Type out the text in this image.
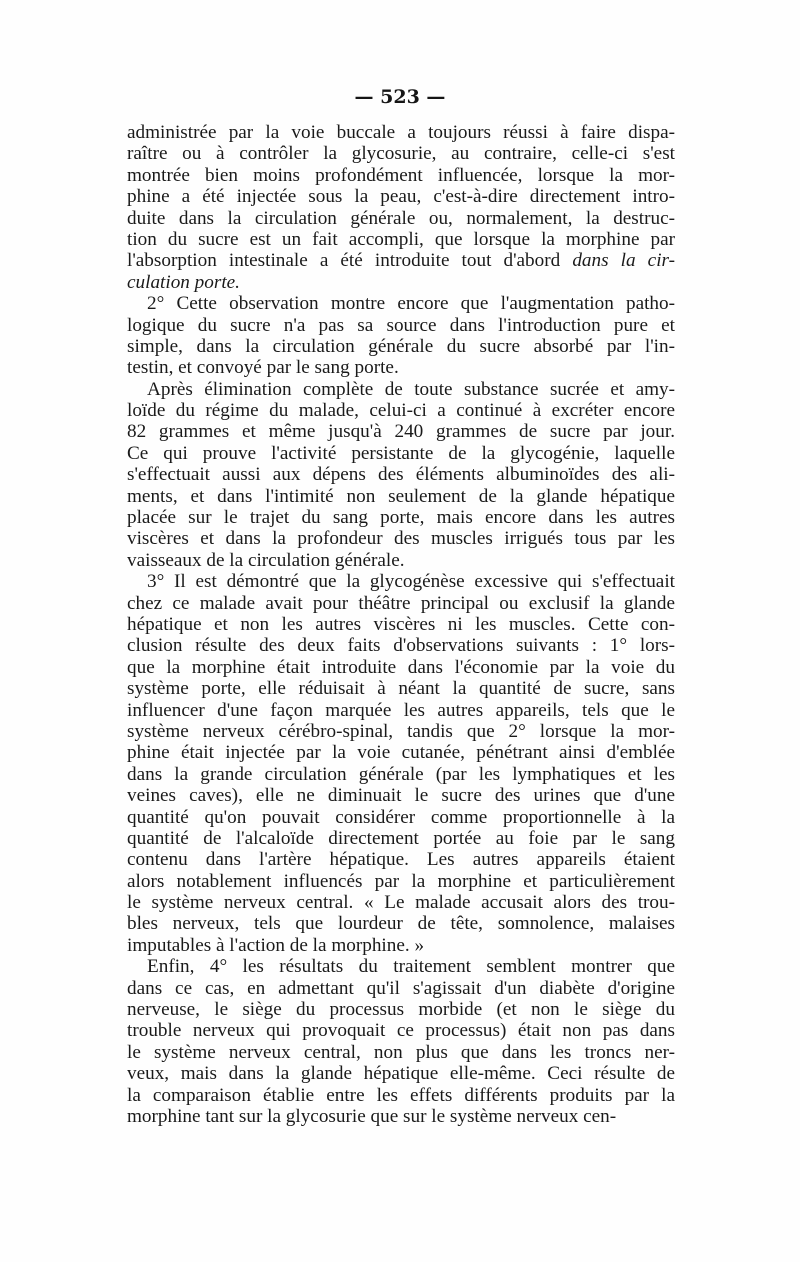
— 523 —
administrée par la voie buccale a toujours réussi à faire dispa-
raître ou à contrôler la glycosurie, au contraire, celle-ci s'est
montrée bien moins profondément influencée, lorsque la mor-
phine a été injectée sous la peau, c'est-à-dire directement intro-
duite dans la circulation générale ou, normalement, la destruc-
tion du sucre est un fait accompli, que lorsque la morphine par
l'absorption intestinale a été introduite tout d'abord dans la cir-
culation porte.
2° Cette observation montre encore que l'augmentation patho-
logique du sucre n'a pas sa source dans l'introduction pure et
simple, dans la circulation générale du sucre absorbé par l'in-
testin, et convoyé par le sang porte.
Après élimination complète de toute substance sucrée et amy-
loïde du régime du malade, celui-ci a continué à excréter encore
82 grammes et même jusqu'à 240 grammes de sucre par jour.
Ce qui prouve l'activité persistante de la glycogénie, laquelle
s'effectuait aussi aux dépens des éléments albuminoïdes des ali-
ments, et dans l'intimité non seulement de la glande hépatique
placée sur le trajet du sang porte, mais encore dans les autres
viscères et dans la profondeur des muscles irrigués tous par les
vaisseaux de la circulation générale.
3° Il est démontré que la glycogénèse excessive qui s'effectuait
chez ce malade avait pour théâtre principal ou exclusif la glande
hépatique et non les autres viscères ni les muscles. Cette con-
clusion résulte des deux faits d'observations suivants : 1° lors-
que la morphine était introduite dans l'économie par la voie du
système porte, elle réduisait à néant la quantité de sucre, sans
influencer d'une façon marquée les autres appareils, tels que le
système nerveux cérébro-spinal, tandis que 2° lorsque la mor-
phine était injectée par la voie cutanée, pénétrant ainsi d'emblée
dans la grande circulation générale (par les lymphatiques et les
veines caves), elle ne diminuait le sucre des urines que d'une
quantité qu'on pouvait considérer comme proportionnelle à la
quantité de l'alcaloïde directement portée au foie par le sang
contenu dans l'artère hépatique. Les autres appareils étaient
alors notablement influencés par la morphine et particulièrement
le système nerveux central. « Le malade accusait alors des trou-
bles nerveux, tels que lourdeur de tête, somnolence, malaises
imputables à l'action de la morphine. »
Enfin, 4° les résultats du traitement semblent montrer que
dans ce cas, en admettant qu'il s'agissait d'un diabète d'origine
nerveuse, le siège du processus morbide (et non le siège du
trouble nerveux qui provoquait ce processus) était non pas dans
le système nerveux central, non plus que dans les troncs ner-
veux, mais dans la glande hépatique elle-même. Ceci résulte de
la comparaison établie entre les effets différents produits par la
morphine tant sur la glycosurie que sur le système nerveux cen-
